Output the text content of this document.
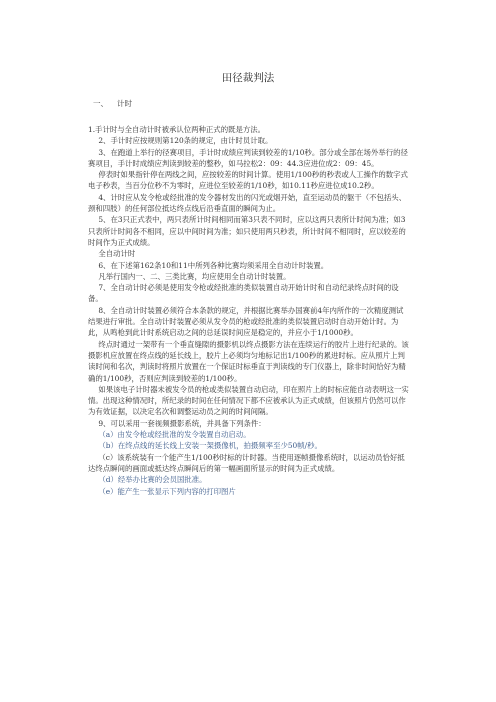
田径裁判法
一、 计时

1.手计时与全自动计时被承认位两种正式的既是方法。

2、手计时应按规则第120条的规定，由计时员计取。

3、在跑道上举行的径赛项目，手计时成绩应判读到较差的1/10秒。部分或全部在场外举行的径赛项目，手计时成绩应判读到较差的整秒，如马拉松2：09：44.3应进位成2：09：45。

停表时如果指针停在两线之间，应按较差的时间计算。使用1/100秒的秒表或人工操作的数字式电子秒表，当百分位秒不为零时，应进位至较差的1/10秒，如10.11秒应进位成10.2秒。

4、计时应从发令枪或经批准的发令器材发出的闪光或烟开始，直至运动员的躯干（不包括头、颈和四肢）的任何部位抵达终点线后沿垂直面的瞬间为止。

5、在3只正式表中，两只表所计时间相同而第3只表不同时，应以这两只表所计时间为准；如3只表所计时间各不相同，应以中间时间为准；如只使用两只秒表，所计时间不相同时，应以较差的时间作为正式成绩。

全自动计时

6、在下述第162条10和11中所列各种比赛均须采用全自动计时装置。

凡举行国内一、二、三类比赛，均应使用全自动计时装置。

7、全自动计时必须是使用发令枪或经批准的类似装置自动开始计时和自动纪录终点时间的设备。

8、全自动计时装置必须符合本条款的规定，并根据比赛举办国赛前4年内所作的一次精度测试结果进行审批。全自动计时装置必须从发令员的枪或经批准的类似装置启动时自动开始计时。为此，从鸣枪到此计时系统启动之间的总延误时间应是稳定的，并应小于1/1000秒。

终点时通过一架带有一个垂直缝隙的摄影机以终点摄影方法在连续运行的胶片上进行纪录的。该摄影机应放置在终点线的延长线上，胶片上必须均匀地标记出1/100秒的累进时标。应从照片上判读时间和名次，判读时将照片放置在一个保证时标垂直于判读线的专门仪器上，除非时间恰好为精确的1/100秒，否则应判读到较差的1/100秒。

如果该电子计时器未被发令员的枪或类似装置自动启动，印在照片上的时标应能自动表明这一实情。出现这种情况时，所纪录的时间在任何情况下都不应被承认为正式成绩，但该照片仍然可以作为有效证据，以决定名次和调整运动员之间的时间间隔。

9、可以采用一套视频摄影系统，并具备下列条件：

（a）由发令枪或经批准的发令装置自动启动。

（b）在终点线的延长线上安装一架摄像机，拍摄频率至少50帧/秒。

（c）该系统装有一个能产生1/100秒时标的计时器。当使用逐帧摄像系统时，以运动员恰好抵达终点瞬间的画面或抵达终点瞬间后的第一幅画面所显示的时间为正式成绩。

（d）经举办比赛的会员国批准。

（e）能产生一张显示下列内容的打印图片
